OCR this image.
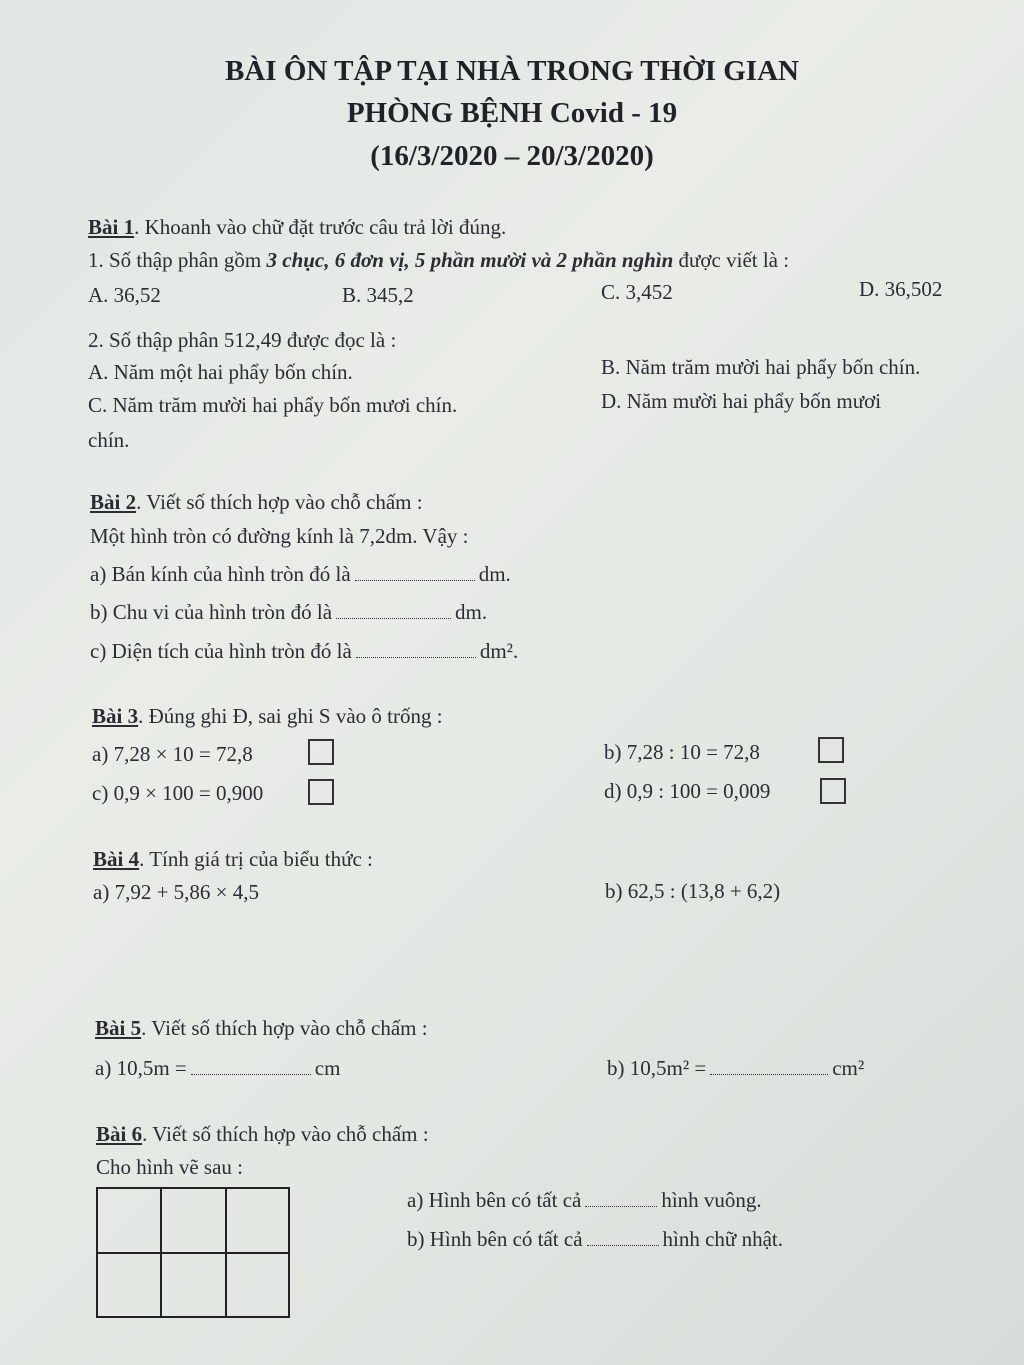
BÀI ÔN TẬP TẠI NHÀ TRONG THỜI GIAN
PHÒNG BỆNH Covid - 19
(16/3/2020 – 20/3/2020)
Bài 1. Khoanh vào chữ đặt trước câu trả lời đúng.
1. Số thập phân gồm 3 chục, 6 đơn vị, 5 phần mười và 2 phần nghìn được viết là :
A. 36,52	B. 345,2	C. 3,452	D. 36,502
2. Số thập phân 512,49 được đọc là :
A. Năm một hai phẩy bốn chín.	B. Năm trăm mười hai phẩy bốn chín.
C. Năm trăm mười hai phẩy bốn mươi chín.	D. Năm mười hai phẩy bốn mươi
chín.
Bài 2. Viết số thích hợp vào chỗ chấm :
Một hình tròn có đường kính là 7,2dm. Vậy :
a) Bán kính của hình tròn đó là	dm.
b) Chu vi của hình tròn đó là	dm.
c) Diện tích của hình tròn đó là	dm².
Bài 3. Đúng ghi Đ, sai ghi S vào ô trống :
a) 7,28 × 10 = 72,8	b) 7,28 : 10 = 72,8
c) 0,9 × 100 = 0,900	d) 0,9 : 100 = 0,009
Bài 4. Tính giá trị của biểu thức :
a) 7,92 + 5,86 × 4,5	b) 62,5 : (13,8 + 6,2)
Bài 5. Viết số thích hợp vào chỗ chấm :
a) 10,5m =	cm	b) 10,5m² =	cm²
Bài 6. Viết số thích hợp vào chỗ chấm :
Cho hình vẽ sau :
a) Hình bên có tất cả	hình vuông.
b) Hình bên có tất cả	hình chữ nhật.
